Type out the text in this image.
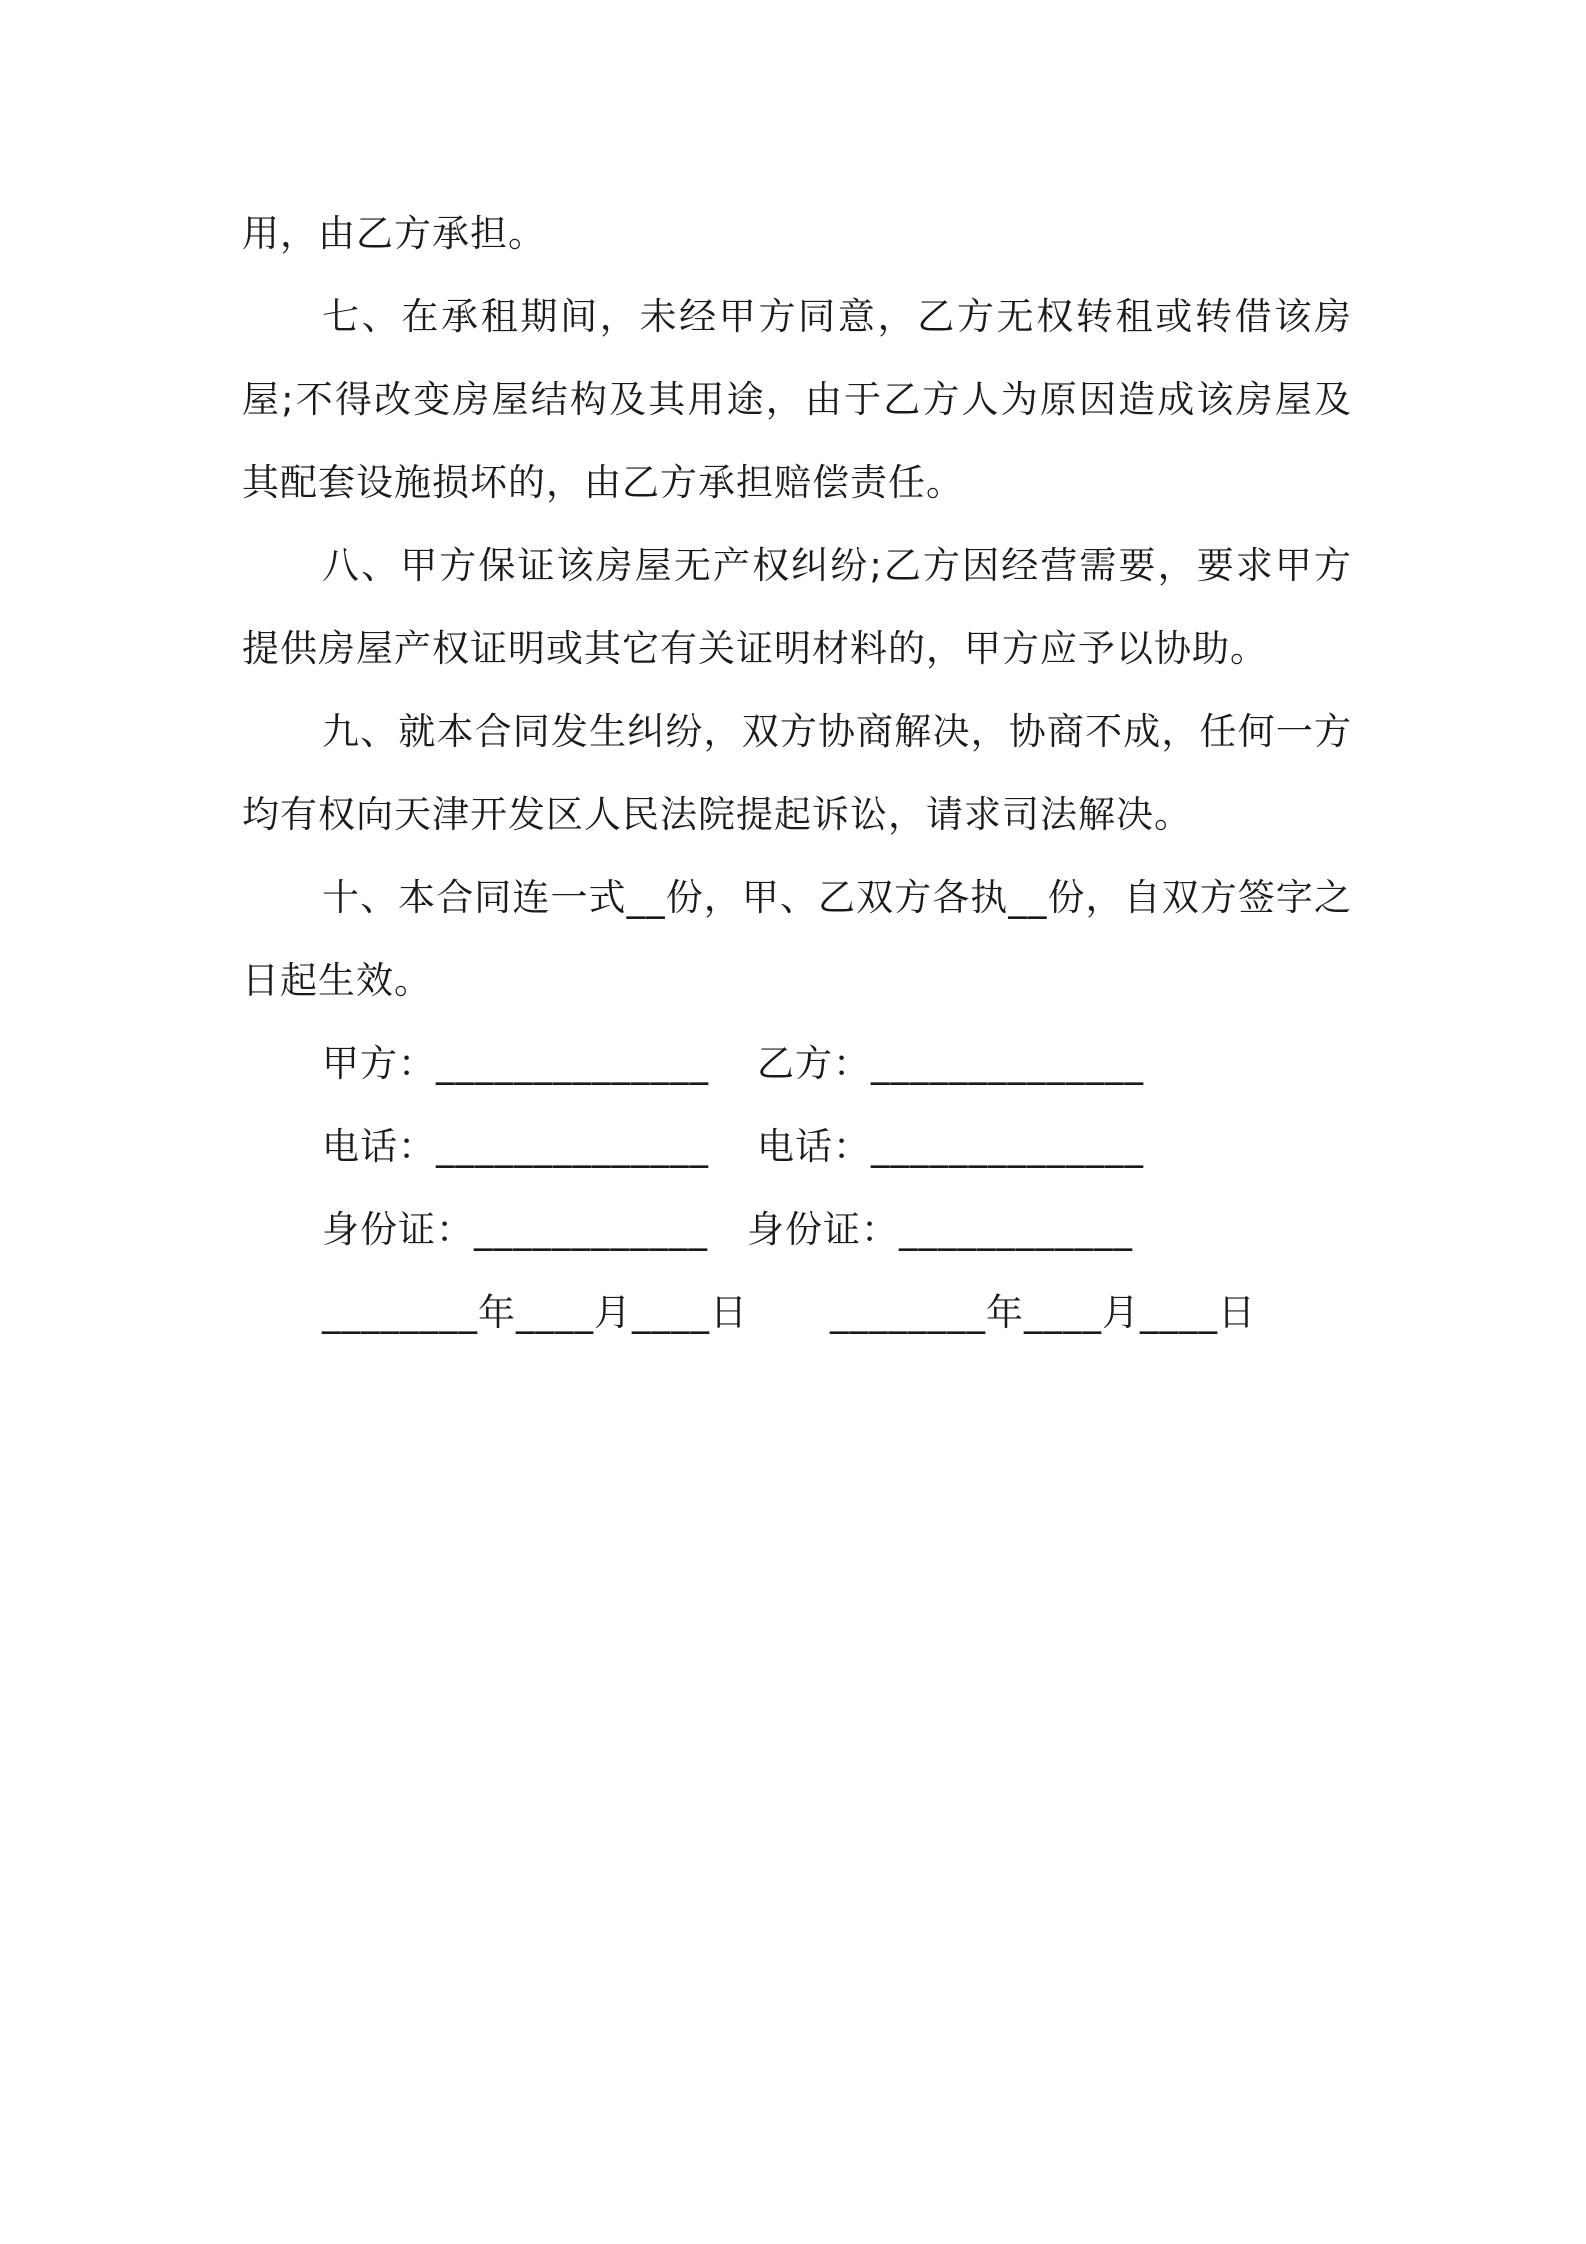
用，由乙方承担。

七、在承租期间，未经甲方同意，乙方无权转租或转借该房屋;不得改变房屋结构及其用途，由于乙方人为原因造成该房屋及其配套设施损坏的，由乙方承担赔偿责任。

八、甲方保证该房屋无产权纠纷;乙方因经营需要，要求甲方提供房屋产权证明或其它有关证明材料的，甲方应予以协助。

九、就本合同发生纠纷，双方协商解决，协商不成，任何一方均有权向天津开发区人民法院提起诉讼，请求司法解决。

十、本合同连一式__份，甲、乙双方各执__份，自双方签字之日起生效。

甲方：______________	乙方：______________
电话：______________	电话：______________
身份证：____________	身份证：____________
________年____月____日	________年____月____日
